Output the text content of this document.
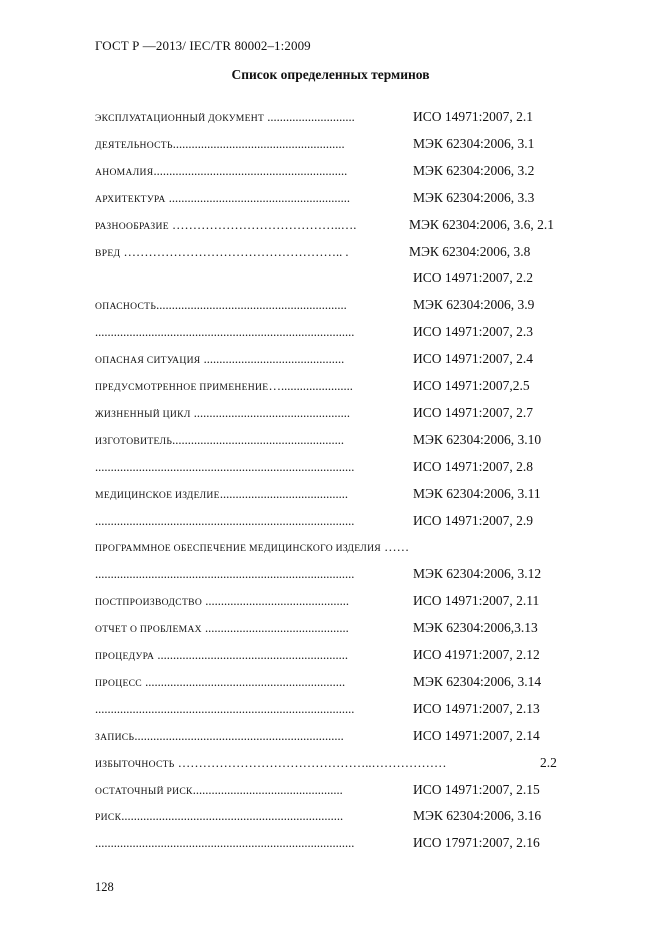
ГОСТ Р —2013/ IEC/TR 80002–1:2009
Список определенных терминов
ЭКСПЛУАТАЦИОННЫЙ ДОКУМЕНТ ............................	ИСО 14971:2007, 2.1
ДЕЯТЕЛЬНОСТЬ.......................................................	МЭК 62304:2006, 3.1
АНОМАЛИЯ..............................................................	МЭК 62304:2006, 3.2
АРХИТЕКТУРА ..........................................................	МЭК 62304:2006, 3.3
РАЗНООБРАЗИЕ …………………………………..….	МЭК 62304:2006, 3.6, 2.1
ВРЕД …………………………………………….. .	МЭК 62304:2006, 3.8
ИСО 14971:2007, 2.2
ОПАСНОСТЬ.............................................................	МЭК 62304:2006, 3.9
...................................................................................	ИСО 14971:2007, 2.3
ОПАСНАЯ СИТУАЦИЯ .............................................	ИСО 14971:2007, 2.4
ПРЕДУСМОТРЕННОЕ ПРИМЕНЕНИЕ….......................	ИСО 14971:2007,2.5
ЖИЗНЕННЫЙ ЦИКЛ ..................................................	ИСО 14971:2007, 2.7
ИЗГОТОВИТЕЛЬ.......................................................	МЭК 62304:2006, 3.10
...................................................................................	ИСО 14971:2007, 2.8
МЕДИЦИНСКОЕ ИЗДЕЛИЕ.........................................	МЭК 62304:2006, 3.11
...................................................................................	ИСО 14971:2007, 2.9
ПРОГРАММНОЕ ОБЕСПЕЧЕНИЕ МЕДИЦИНСКОГО ИЗДЕЛИЯ ……
...................................................................................	МЭК 62304:2006, 3.12
ПОСТПРОИЗВОДСТВО ..............................................	ИСО 14971:2007, 2.11
ОТЧЕТ О ПРОБЛЕМАХ ..............................................	МЭК 62304:2006,3.13
ПРОЦЕДУРА .............................................................	ИСО 41971:2007, 2.12
ПРОЦЕСС ................................................................	МЭК 62304:2006, 3.14
...................................................................................	ИСО 14971:2007, 2.13
ЗАПИСЬ...................................................................	ИСО 14971:2007, 2.14
ИЗБЫТОЧНОСТЬ ………………………………………..………………	2.2
ОСТАТОЧНЫЙ РИСК................................................	ИСО 14971:2007, 2.15
РИСК.......................................................................	МЭК 62304:2006, 3.16
...................................................................................	ИСО 17971:2007, 2.16
128
